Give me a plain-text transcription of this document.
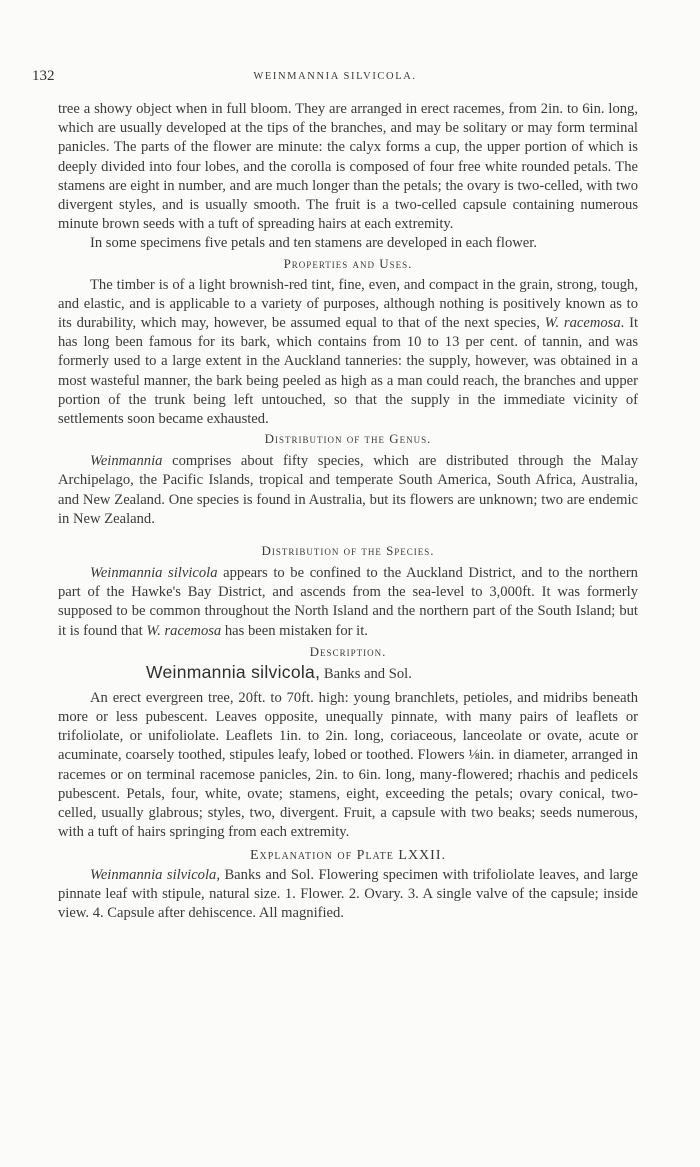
132	WEINMANNIA SILVICOLA.

tree a showy object when in full bloom. They are arranged in erect racemes, from 2in. to 6in. long, which are usually developed at the tips of the branches, and may be solitary or may form terminal panicles. The parts of the flower are minute: the calyx forms a cup, the upper portion of which is deeply divided into four lobes, and the corolla is composed of four free white rounded petals. The stamens are eight in number, and are much longer than the petals; the ovary is two-celled, with two divergent styles, and is usually smooth. The fruit is a two-celled capsule containing numerous minute brown seeds with a tuft of spreading hairs at each extremity.

In some specimens five petals and ten stamens are developed in each flower.

Properties and Uses.

The timber is of a light brownish-red tint, fine, even, and compact in the grain, strong, tough, and elastic, and is applicable to a variety of purposes, although nothing is positively known as to its durability, which may, however, be assumed equal to that of the next species, W. racemosa. It has long been famous for its bark, which contains from 10 to 13 per cent. of tannin, and was formerly used to a large extent in the Auckland tanneries: the supply, however, was obtained in a most wasteful manner, the bark being peeled as high as a man could reach, the branches and upper portion of the trunk being left untouched, so that the supply in the immediate vicinity of settlements soon became exhausted.

Distribution of the Genus.

Weinmannia comprises about fifty species, which are distributed through the Malay Archipelago, the Pacific Islands, tropical and temperate South America, South Africa, Australia, and New Zealand. One species is found in Australia, but its flowers are unknown; two are endemic in New Zealand.

Distribution of the Species.

Weinmannia silvicola appears to be confined to the Auckland District, and to the northern part of the Hawke's Bay District, and ascends from the sea-level to 3,000ft. It was formerly supposed to be common throughout the North Island and the northern part of the South Island; but it is found that W. racemosa has been mistaken for it.

Description.
Weinmannia silvicola, Banks and Sol.

An erect evergreen tree, 20ft. to 70ft. high: young branchlets, petioles, and midribs beneath more or less pubescent. Leaves opposite, unequally pinnate, with many pairs of leaflets or trifoliolate, or unifoliolate. Leaflets 1in. to 2in. long, coriaceous, lanceolate or ovate, acute or acuminate, coarsely toothed, stipules leafy, lobed or toothed. Flowers ⅛in. in diameter, arranged in racemes or on terminal racemose panicles, 2in. to 6in. long, many-flowered; rhachis and pedicels pubescent. Petals, four, white, ovate; stamens, eight, exceeding the petals; ovary conical, two-celled, usually glabrous; styles, two, divergent. Fruit, a capsule with two beaks; seeds numerous, with a tuft of hairs springing from each extremity.

Explanation of Plate LXXII.

Weinmannia silvicola, Banks and Sol. Flowering specimen with trifoliolate leaves, and large pinnate leaf with stipule, natural size. 1. Flower. 2. Ovary. 3. A single valve of the capsule; inside view. 4. Capsule after dehiscence. All magnified.
